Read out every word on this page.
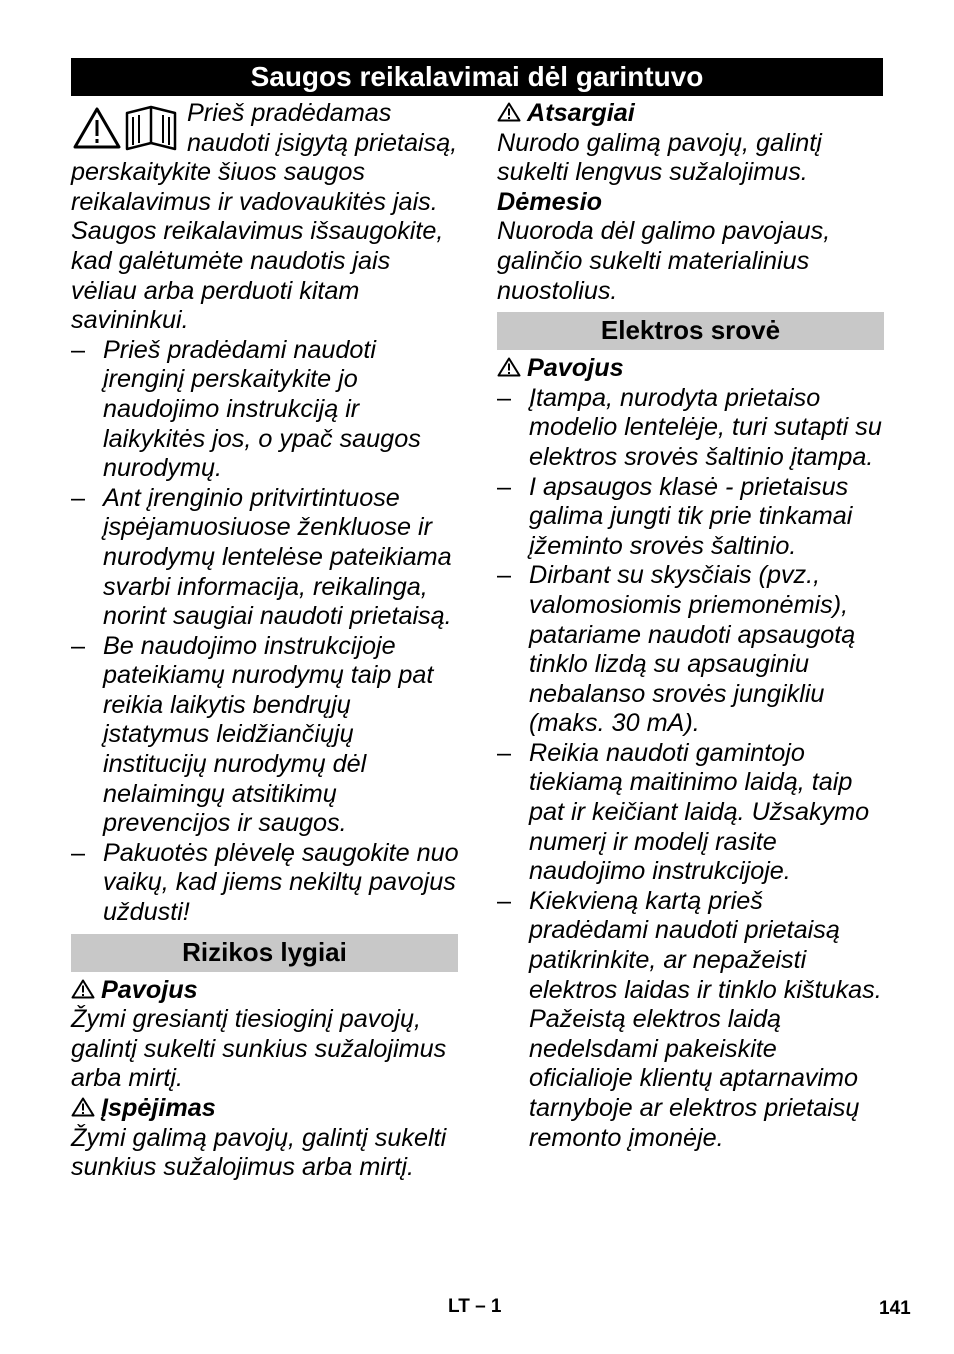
Saugos reikalavimai dėl garintuvo
Prieš pradėdamas naudoti įsigytą prietaisą, perskaitykite šiuos saugos reikalavimus ir vadovaukitės jais. Saugos reikalavimus išsaugokite, kad galėtumėte naudotis jais vėliau arba perduoti kitam savininkui.
– Prieš pradėdami naudoti įrenginį perskaitykite jo naudojimo instrukciją ir laikykitės jos, o ypač saugos nurodymų.
– Ant įrenginio pritvirtintuose įspėjamuosiuose ženkluose ir nurodymų lentelėse pateikiama svarbi informacija, reikalinga, norint saugiai naudoti prietaisą.
– Be naudojimo instrukcijoje pateikiamų nurodymų taip pat reikia laikytis bendrųjų įstatymus leidžiančiųjų institucijų nurodymų dėl nelaimingų atsitikimų prevencijos ir saugos.
– Pakuotės plėvelę saugokite nuo vaikų, kad jiems nekiltų pavojus uždusti!
Rizikos lygiai

Pavojus

Žymi gresiantį tiesioginį pavojų, galintį sukelti sunkius sužalojimus arba mirtį.

Įspėjimas

Žymi galimą pavojų, galintį sukelti sunkius sužalojimus arba mirtį.

Atsargiai

Nurodo galimą pavojų, galintį sukelti lengvus sužalojimus.

Dėmesio

Nuoroda dėl galimo pavojaus, galinčio sukelti materialinius nuostolius.

Elektros srovė

Pavojus

– Įtampa, nurodyta prietaiso modelio lentelėje, turi sutapti su elektros srovės šaltinio įtampa.
– I apsaugos klasė - prietaisus galima jungti tik prie tinkamai įžeminto srovės šaltinio.
– Dirbant su skysčiais (pvz., valomosiomis priemonėmis), patariame naudoti apsaugotą tinklo lizdą su apsauginiu nebalanso srovės jungikliu (maks. 30 mA).
– Reikia naudoti gamintojo tiekiamą maitinimo laidą, taip pat ir keičiant laidą. Užsakymo numerį ir modelį rasite naudojimo instrukcijoje.
– Kiekvieną kartą prieš pradėdami naudoti prietaisą patikrinkite, ar nepažeisti elektros laidas ir tinklo kištukas. Pažeistą elektros laidą nedelsdami pakeiskite oficialioje klientų aptarnavimo tarnyboje ar elektros prietaisų remonto įmonėje.
LT – 1	141
